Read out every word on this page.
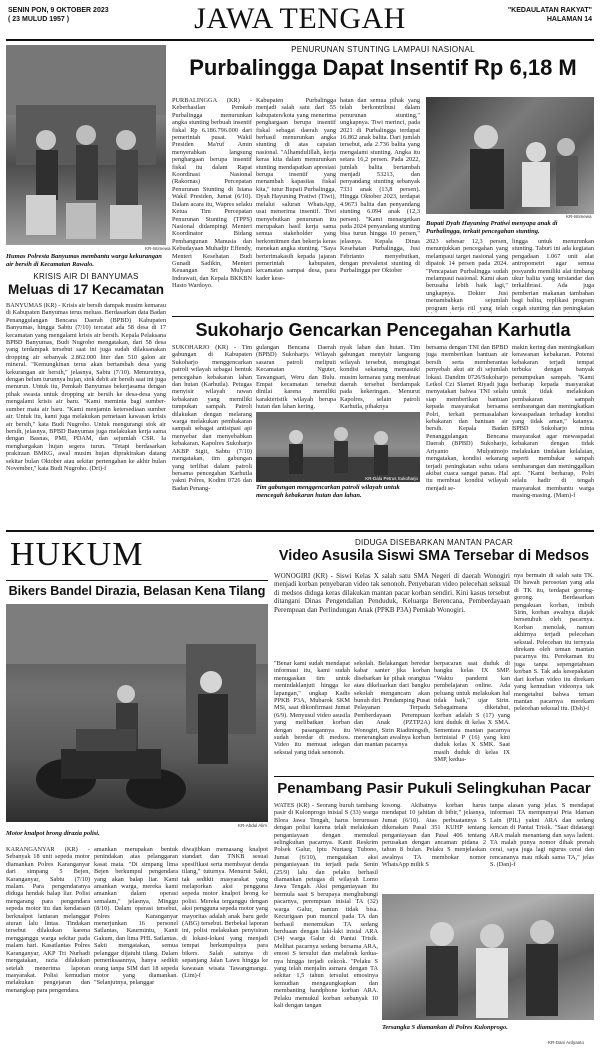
SENIN PON, 9 OKTOBER 2023
( 23 MULUD 1957 )	JAWA TENGAH	"KEDAULATAN RAKYAT"
HALAMAN 14
KR-Istimewa
Humas Polresta Banyumas membantu warga kekurangan air bersih di Kecamatan Rawalo.
KRISIS AIR DI BANYUMAS
Meluas di 17 Kecamatan
BANYUMAS (KR) - Krisis air bersih dampak musim kemarau di Kabupaten Banyumas terus meluas. Berdasarkan data Badan Penanggulangan Bencana Daerah (BPBD) Kabupaten Banyumas, hingga Sabtu (7/10) tercatat ada 58 desa di 17 kecamatan yang mengalami krisis air bersih. Kepala Pelaksana BPBD Banyumas, Budi Nugroho mengatakan, dari 58 desa yang terdampak tersebut saat ini juga sudah dilaksanakan dropping air sebanyak 2.862.000 liter dan 510 galon air mineral. "Kemungkinan terus akan bertambah desa yang kekurangan air bersih," jelasnya, Sabtu (7/10). Menurutnya, dengan belum turunnya hujan, stok debit air bersih saat ini juga menurun. Untuk itu, Pemkab Banyumas bekerjasama dengan pihak swasta untuk dropping air bersih ke desa-desa yang mengalami krisis air baru. "Kami meminta bagi sumber-sumber mata air baru. "Kami menjamin ketersediaan sumber air. Untuk itu, kami juga melakukan pemetaan kawasan krisis air bersih," kata Budi Nugroho. Untuk mengurangi stok air bersih, jelasnya, BPBD Banyumas juga melakukan kerja sama dengan Basnas, PMI, PDAM, dan sejumlah CSR. Ia menghargakan hujan segera turun. "Tetapi berdasarkan prakiraan BMKG, awal musim hujan diprakirakan datang sekitar bulan Oktober atau sekitar pertengahan ke akhir bulan November," kata Budi Nugroho. (Dri)-f
PENURUNAN STUNTING LAMPAUI NASIONAL
Purbalingga Dapat Insentif Rp 6,18 M
PURBALINGGA (KR) - Keberhasilan Pemkab Purbalingga menurunkan angka stunting berbuah insentif fiskal Rp 6.186.796.000 dari pemerintah pusat. Wakil Presiden Ma'ruf Amin menyerahkan langsung penghargaan berupa insentif fiskal itu dalam Rapat Koordinasi Nasional (Rakornas) Percepatan Penurunan Stunting di Istana Wakil Presiden, Jumat (6/10). Dalam acara itu, Wapres selaku Ketua Tim Percepatan Penurunan Stunting (TPPS) Nasional didampingi Menteri Koordinator Bidang Pembangunan Manusia dan Kebudayaan Muhadjir Effendy, Menteri Kesehatan Budi Gunadi Sadikin, Menteri Keuangan Sri Mulyani Indrawati, dan Kepala BKKBN Hasto Wardoyo.
Kabupaten Purbalingga menjadi salah satu dari 55 kabupaten/kota yang menerima penghargaan berupa insentif fiskal sebagai daerah yang berhasil menurunkan angka stunting di atas capaian nasional. "Alhamdulillah, kerja keras kita dalam menurunkan stunting mendapatkan apresiasi berupa insentif yang menambah kapasitas fiskal kita," tutur Bupati Purbalingga, Dyah Hayuning Pratiwi (Tiwi), melalui saluran WhatsApp, usai menerima insentif. Tiwi menyebutkan penurunan itu merupakan hasil kerja sama semua stakeholder yang berkomitmen dan bekerja keras menekan angka stunting. "Saya berterimakasih kepada jajaran pemerintah kabupaten, kecamatan sampai desa, para kader kese-
hatan dan semua pihak yang telah berkontribusi dalam penurunan stunting," ungkapnya. Tiwi merinci, pada 2021 di Purbalingga terdapat 16.862 anak balita. Dari jumlah tersebut, ada 2.736 balita yang mengalami stunting. Angka itu setara 16,2 persen. Pada 2022, jumlah balita bertambah menjadi 53213, dan penyandang stunting sebanyak 7331 anak (13,8 persen). Hingga Oktober 2023, terdapat 4.9673 balita dan penyandang stunting 6.094 anak (12,3 persen). "Kami menargetkan pada 2024 penyandang stunting bisa turun hingga 10 persen," jelasnya. Kepala Dinas Kesehatan Purbalingga, Jusi Febrianto menyebutkan, dengan prevalensi stunting di Purbalingga per Oktober
KR-Istimewa
Bupati Dyah Hayuning Pratiwi menyapa anak di Purbalingga, terkait pencegahan stunting.
2023 sebesar 12,3 persen, menunjukkan pencegahan yang melampaui target nasional yang dipatok 14 persen pada 2024. "Pencapaian Purbalingga sudah melampaui nasional. Kami akan berusaha lebih baik lagi," ungkapnya. Dokter Jusi menambahkan sejumlah program kerja riil yang telah
lingga untuk menurunkan stunting. Taburi ini ada kegiatan pengadaan 1.067 unit alat antropometri agar semua posyandu memiliki alat timbang ukur balita yang terstandar dan terkalibrasi. Ada juga pemberian makanan tambahan bagi balita, replikasi program cegah stunting dan peningkatan
Sukoharjo Gencarkan Pencegahan Karhutla
SUKOHARJO (KR) - Tim gabungan di Kabupaten Sukoharjo menggencarkan patroli wilayah sebagai bentuk pencegahan kebakaran lahan dan hutan (Karhutla). Petugas menyisir wilayah rawan kebakaran yang memiliki tumpukan sampah. Patroli dilakukan dengan melarang warga melakukan pembakaran sampah sebagai antisipasi api menyebar dan menyebabkan kebakaran. Kapolres Sukoharjo AKBP Sigit, Sabtu (7/10) mengatakan, tim gabungan yang terlibat dalam patroli bersama pencegahan Karhutla yakni Polres, Kodim 0726 dan Badan Penang-
gulangan Bencana Daerah (BPBD) Sukoharjo. Wilayah sasaran patroli meliputi Kecamatan Nguter, Tawangsari, Weru dan Bulu. Empat kecamatan tersebut dinilai karena memiliki karakteristik wilayah berupa hutan dan lahan kering.
nyak lahan dan hutan. Tim gabungan menyisir langsung wilayah tersebut, mengingat kondisi sekarang memasuki musim kemarau yang membuat daerah tersebut berdampak pada kekeringan. Menurut Kapolres, selain patroli Karhutla, pihaknya
KR-Dalu Petrus Sukoharjo
Tim gabungan menggencarkan patroli wilayah untuk mencegah kebakaran hutan dan lahan.
bersama dengan TNI dan BPBD juga memberikan bantuan air bersih serta memberantas penyebab akut air di sejumlah lokasi. Dandim 0726/Sukoharjo Letkol Czi Slamet Riyadi juga menyatakan bahwa TNI selalu siap memberikan bantuan kepada masyarakat bersama Polri, terkait permasalahan kebakaran dan bantuan air bersih. Kepala Badan Penanggulangan Bencana Daerah (BPBD) Sukoharjo, Ariyanto Mulyatmojo mengatakan, kondisi sekarang terjadi peningkatan suhu udara akibat cuaca sangat panas. Hal itu membuat kondisi wilayah menjadi se-
makin kering dan meningkatkan kerawanan kebakaran. Potensi kebakaran terjadi tempat terbuka dengan banyak penumpukan sampah. "Kami berharap kepada masyarakat untuk tidak melakukan pembakaran sampah sembarangan dan meningkatkan kewaspadaan terhadap kondisi yang tidak aman," katanya. BPBD Sukoharjo minta masyarakat agar mewaspadai kebakaran dengan tidak melakukan tindakan kelalaian, seperti membakar sampah sembarangan dan meninggalkan api. "Kami berharap, Polri selalu hadir di tengah masyarakat membantu warga masing-masing. (Mam)-f
HUKUM
Bikers Bandel Dirazia, Belasan Kena Tilang
KR-Abdul Alim
Motor knalpot brong dirazia polisi.
KARANGANYAR (KR) - Sebanyak 18 unit sepeda motor diamankan Polres Karanganyar dari simpang 5 Bejen, Karanganyar, Sabtu (7/10) malam. Para pengendaranya diduga hendak balap liar. Polisi mengarang para pengendara sepeda motor itu dan kendaraan berknalpot lantaran melanggar aturan lalu lintas. Tindakan tersebut dilakukan karena mengganggu warga sekitar pada malam hari. Kasatlantas Polres Karanganyar, AKP Tri Nurhadi mengatakan, razia dilakukan setelah menerima laporan masyarakat. Polisi kemudian melakukan pengejaran dan menangkap para pengendara.
amankan merupakan bentuk penindakan atas pelanggaran kasat mata. "Di simpang lima Bejen berkumpul pengendara yang akan balap liar. Kami amankan warga, mereka kami amankan dalam operasi semalam," jelasnya, Minggu (8/10). Dalam operasi tersebut, Polres Karanganyar menerjunkan 16 personel Satlantas, Kaurmintu, Kanit Gakum, dan lima PHL Satlantas. Sakti mengatakan, semua pelanggar dijatuhi tilang. Dalam pemeriksaannya, hanya sedikit orang tanpa SIM dari 18 sepeda motor yang diamankan. "Selanjutnya, pelanggar
diwajibkan memasang knalpot standart dan TNKB sesuai spesifikasi serta membayar denda tilang," tuturnya. Menurut Sakti, tak sedikit masyarakat yang melaporkan aksi pengguna sepeda motor knalpot brong ke polisi. Mereka terganggu dengan aksi pengguna sepeda motor yang mayoritas adalah anak baru gede (ABG) tersebut. Berbekal laporan ini, polisi melakukan penyisiran di lokasi-lokasi yang menjadi tempat berkumpulnya para bikers. Salah satunya di sepanjang Jalan Lawu hingga ke kawasan wisata Tawangmangu. (Lim)-f
DIDUGA DISEBARKAN MANTAN PACAR
Video Asusila Siswi SMA Tersebar di Medsos
WONOGIRI (KR) - Siswi Kelas X salah satu SMA Negeri di daerah Wonogiri menjadi korban penyebaran video tak senonoh. Penyebaran video pelecehan seksual di medsos diduga keras dilakukan mantan pacar korban sendiri. Kini kasus tersebut ditangani Dinas Pengendalian Penduduk, Keluarga Berencana, Pemberdayaan Perempuan dan Perlindungan Anak (PPKB P3A) Pemkab Wonogiri.
"Benar kami sudah mendapat informasi itu, kami sudah menugaskan tim untuk menindaklanjuti hingga ke lapangan," ungkap Kadis PPKB P3A, Mubarok SKM MSi, saat dikonfirmasi Jumat (6/9). Menyusul video asusila yang melibatkan korban dengan pasangannya itu sudah beredar di medsos. Video itu memuat adegan seksual yang tidak senonoh.
sekolah. Belakangan beredar kabar santer jika korban disebarkan ke pihak orangtua atau dikeluarkan dari bangku sekolah mengancam akan bunuh diri. Pendamping Pusat Pelayanan Terpadu Pemberdayaan Perempuan dan Anak (PZTP2A) Wonogiri, Sirin Riadiningsih, menerangkan awalnya korban dan mantan pacarnya
berpacaran saat duduk di bangku kelas IX SMP. "Waktu pandemi kan pembelajaran online. Ada peluang untuk melakukan hal tidak baik," ujar Sirin. Sebagaimana diketahui, korban adalah S (17) yang kini duduk di kelas X SMA. Sementara mantan pacarnya berinisial P (16) yang kini duduk kelas X SMK. Saat masih duduk di kelas IX SMP, kedua-
nya bermain di salah satu TK. Di bawah perosotan yang ada di TK itu, terdapat gorong-gorong. Berdasarkan pengakuan korban, imbuh Sirin, korban awalnya diajak bersetubuh oleh pacarnya. Korban menolak, namun akhirnya terjadi pelecehan seksual. Pelecehan itu ternyata direkam oleh teman mantan pacarnya itu. Perekaman itu juga tanpa sepengetahuan korban S. Tak ada kesepakatan dari korban video itu direkam yang kemudian videonya tak mengetahui bahwa teman mantan pacarnya merekam pelecehan seksual itu. (Dsh)-f
Penambang Pasir Pukuli Selingkuhan Pacar
WATES (KR) - Seorang buruh tambang pasir di Kulonprogo inisial S (33) warga Blora Jawa Tengah, harus berurusan dengan polisi karena telah melakukan penganiayaan dengan memukul selingkuhan pacarnya. Kanit Reskrim Polsek Galur, Iptu Nurtaeg Tubono, Jumat (6/10), mengatakan aksi penganiayaan itu terjadi pada Senin (25/9) lalu dan pelaku berhasil diamankan petugas di wilayah Lomo Jawa Tengah. Aksi penganiayaan itu bermula saat S berupaya menghubungi pacarnya, perempuan inisial TA (32) warga Galur, namun tidak bisa. Kecurigaan pun muncul pada TA dan berhasil menemukan TA sedang berduaan dengan laki-laki inisial ARA (34) warga Galur di Pantai Trisik. Melihat pacarnya sedang bersama ARA, emosi S tersulut dan melabrak kedua-nya hingga terjadi cekcok. "Pelaku S yang telah menjalin asmara dengan TA sekitar 1,5 tahun tersulut emosinya kemudian mengaungkapkan dan membanting handphone korban ARA. Pelaku memukul korban sebanyak 10 kali dengan tangan
kosong. Akibatnya korban harus mendapat 10 jahitan di bibir," jelasnya, Jumat (6/10). Atas perbuatannya S dikenakan Pasal 351 KUHP tentang penganiayaan dan Pasal 406 tentang perusakan dengan ancaman pidana 2 tahun 8 bulan. Pelaku S menjelaskan awalnya TA membokar nomor WhatsApp milik S
tanpa alasan yang jelas. S mendapat informasi TA mempunyai Pria Idaman Lain (PIL) yakni ARA dan sedang kencan di Pantai Trisik. "Saat didatangi ARA malah menantang dan saya ladeni. TA malah punya nomor dihak prenah cerai, saya juga lagi ngurus cerai dan rencananya mau nikah sama TA," jelas S. (Dan)-f
Tersangka S diamankan di Polres Kulonprogo.
KR-Dani Ardyanto
